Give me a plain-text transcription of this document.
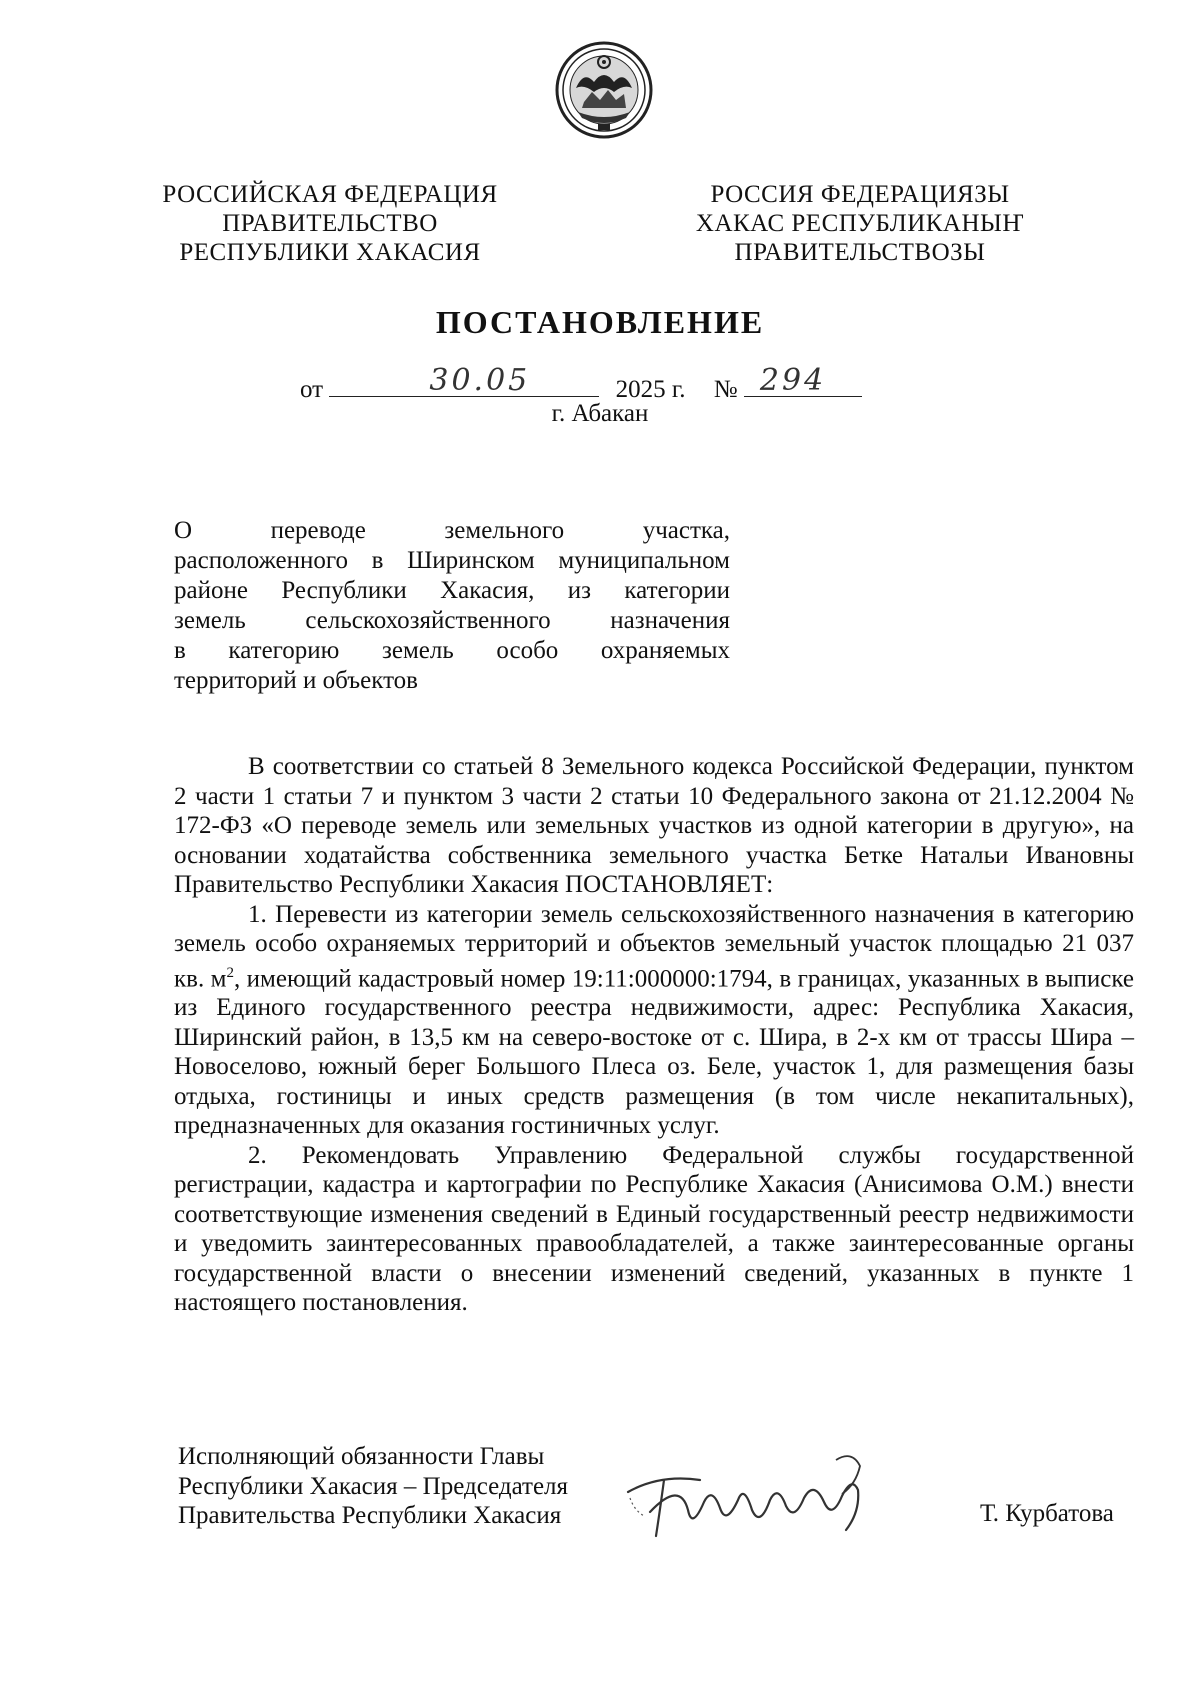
РОССИЙСКАЯ ФЕДЕРАЦИЯ
ПРАВИТЕЛЬСТВО
РЕСПУБЛИКИ ХАКАСИЯ
РОССИЯ ФЕДЕРАЦИЯЗЫ
ХАКАС РЕСПУБЛИКАНЫҤ
ПРАВИТЕЛЬСТВОЗЫ
ПОСТАНОВЛЕНИЕ
от	30.05	2025 г. № 294
г. Абакан
О переводе земельного участка,
расположенного в Ширинском муниципальном
районе Республики Хакасия, из категории
земель сельскохозяйственного назначения
в категорию земель особо охраняемых
территорий и объектов

В соответствии со статьей 8 Земельного кодекса Российской Федерации, пунктом 2 части 1 статьи 7 и пунктом 3 части 2 статьи 10 Федерального закона от 21.12.2004 № 172-ФЗ «О переводе земель или земельных участков из одной категории в другую», на основании ходатайства собственника земельного участка Бетке Натальи Ивановны Правительство Республики Хакасия ПОСТАНОВЛЯЕТ:

1. Перевести из категории земель сельскохозяйственного назначения в категорию земель особо охраняемых территорий и объектов земельный участок площадью 21 037 кв. $м^2$, имеющий кадастровый номер 19:11:000000:1794, в границах, указанных в выписке из Единого государственного реестра недвижимости, адрес: Республика Хакасия, Ширинский район, в 13,5 км на северо-востоке от с. Шира, в 2-х км от трассы Шира – Новоселово, южный берег Большого Плеса оз. Беле, участок 1, для размещения базы отдыха, гостиницы и иных средств размещения (в том числе некапитальных), предназначенных для оказания гостиничных услуг.

2. Рекомендовать Управлению Федеральной службы государственной регистрации, кадастра и картографии по Республике Хакасия (Анисимова О.М.) внести соответствующие изменения сведений в Единый государственный реестр недвижимости и уведомить заинтересованных правообладателей, а также заинтересованные органы государственной власти о внесении изменений сведений, указанных в пункте 1 настоящего постановления.

Исполняющий обязанности Главы
Республики Хакасия – Председателя
Правительства Республики Хакасия	Т. Курбатова
